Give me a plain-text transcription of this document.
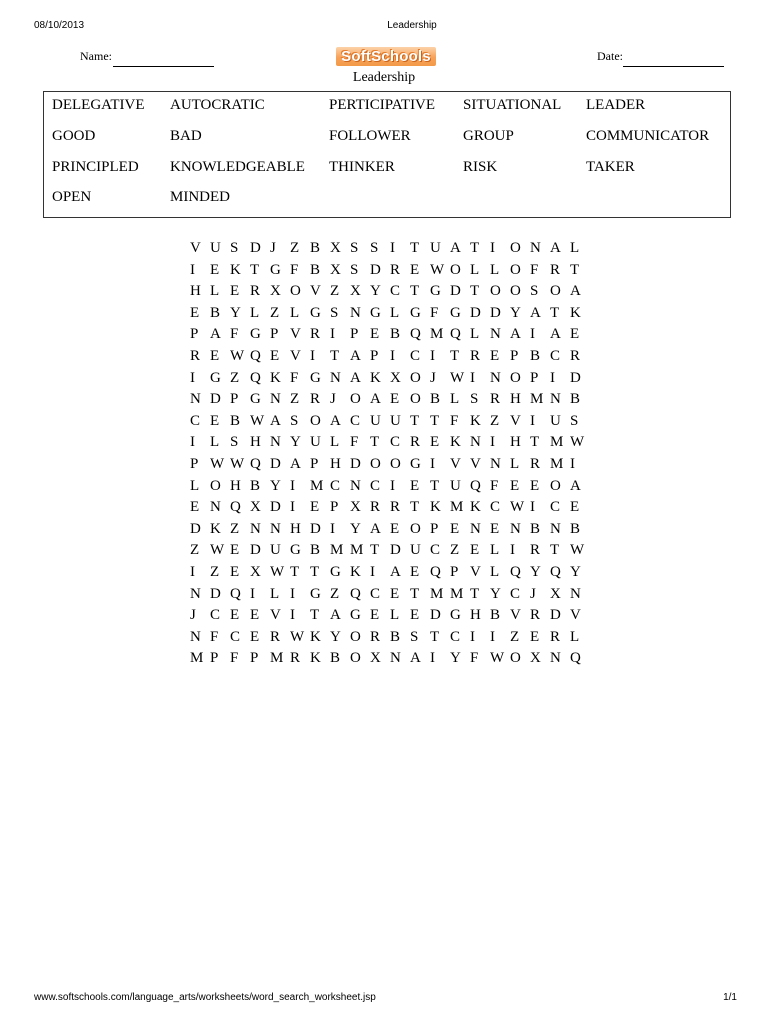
08/10/2013	Leadership
Name:	SoftSchools	Date:
Leadership
DELEGATIVE AUTOCRATIC	PERTICIPATIVE SITUATIONAL LEADER
GOOD	BAD	FOLLOWER	GROUP	COMMUNICATOR
PRINCIPLED KNOWLEDGEABLE THINKER	RISK	TAKER
OPEN	MINDED
V U S D J Z B X S S I T U A T I O N A L
I E K T G F B X S D R E W O L L O F R T
H L E R X O V Z X Y C T G D T O O S O A
E B Y L Z L G S N G L G F G D D Y A T K
P A F G P V R I P E B Q M Q L N A I A E
R E W Q E V I T A P I C I T R E P B C R
I G Z Q K F G N A K X O J W I N O P I D
N D P G N Z R J O A E O B L S R H M N B
C E B W A S O A C U U T T F K Z V I U S
I L S H N Y U L F T C R E K N I H T M W
P W W Q D A P H D O O G I V V N L R M I
L O H B Y I M C N C I E T U Q F E E O A
E N Q X D I E P X R R T K M K C W I C E
D K Z N N H D I Y A E O P E N E N B N B
Z W E D U G B M M T D U C Z E L I R T W
I Z E X W T T G K I A E Q P V L Q Y Q Y
N D Q I L I G Z Q C E T M M T Y C J X N
J C E E V I T A G E L E D G H B V R D V
N F C E R W K Y O R B S T C I I Z E R L
M P F P M R K B O X N A I Y F W O X N Q
www.softschools.com/language_arts/worksheets/word_search_worksheet.jsp	1/1
